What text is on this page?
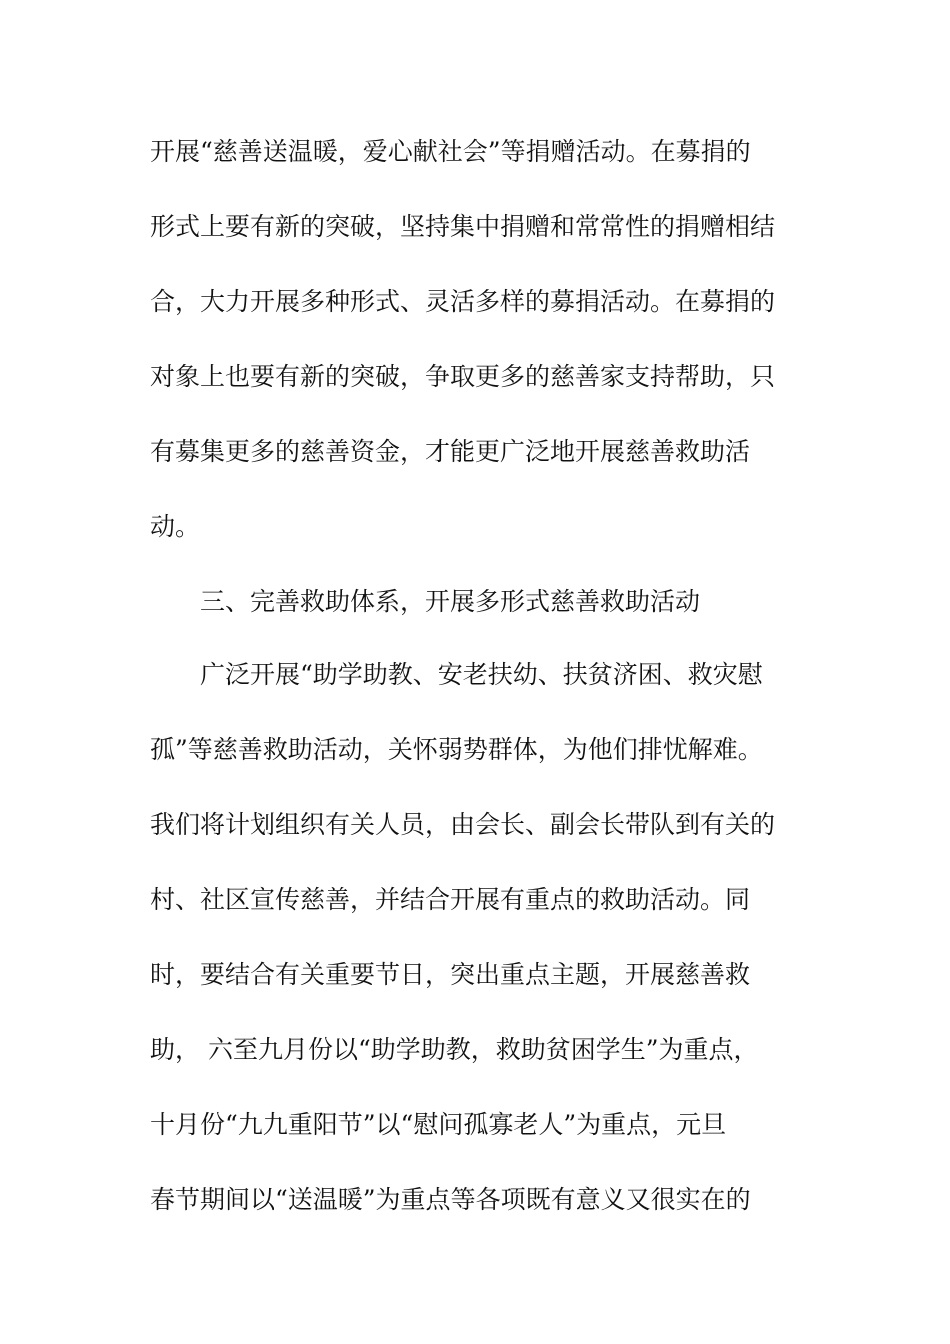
开展“慈善送温暖，爱心献社会”等捐赠活动。在募捐的
形式上要有新的突破，坚持集中捐赠和常常性的捐赠相结
合，大力开展多种形式、灵活多样的募捐活动。在募捐的
对象上也要有新的突破，争取更多的慈善家支持帮助，只
有募集更多的慈善资金，才能更广泛地开展慈善救助活
动。
三、完善救助体系，开展多形式慈善救助活动
广泛开展“助学助教、安老扶幼、扶贫济困、救灾慰
孤”等慈善救助活动，关怀弱势群体，为他们排忧解难。
我们将计划组织有关人员，由会长、副会长带队到有关的
村、社区宣传慈善，并结合开展有重点的救助活动。同
时，要结合有关重要节日，突出重点主题，开展慈善救
助， 六至九月份以“助学助教，救助贫困学生”为重点，
十月份“九九重阳节”以“慰问孤寡老人”为重点，元旦
春节期间以“送温暖”为重点等各项既有意义又很实在的
